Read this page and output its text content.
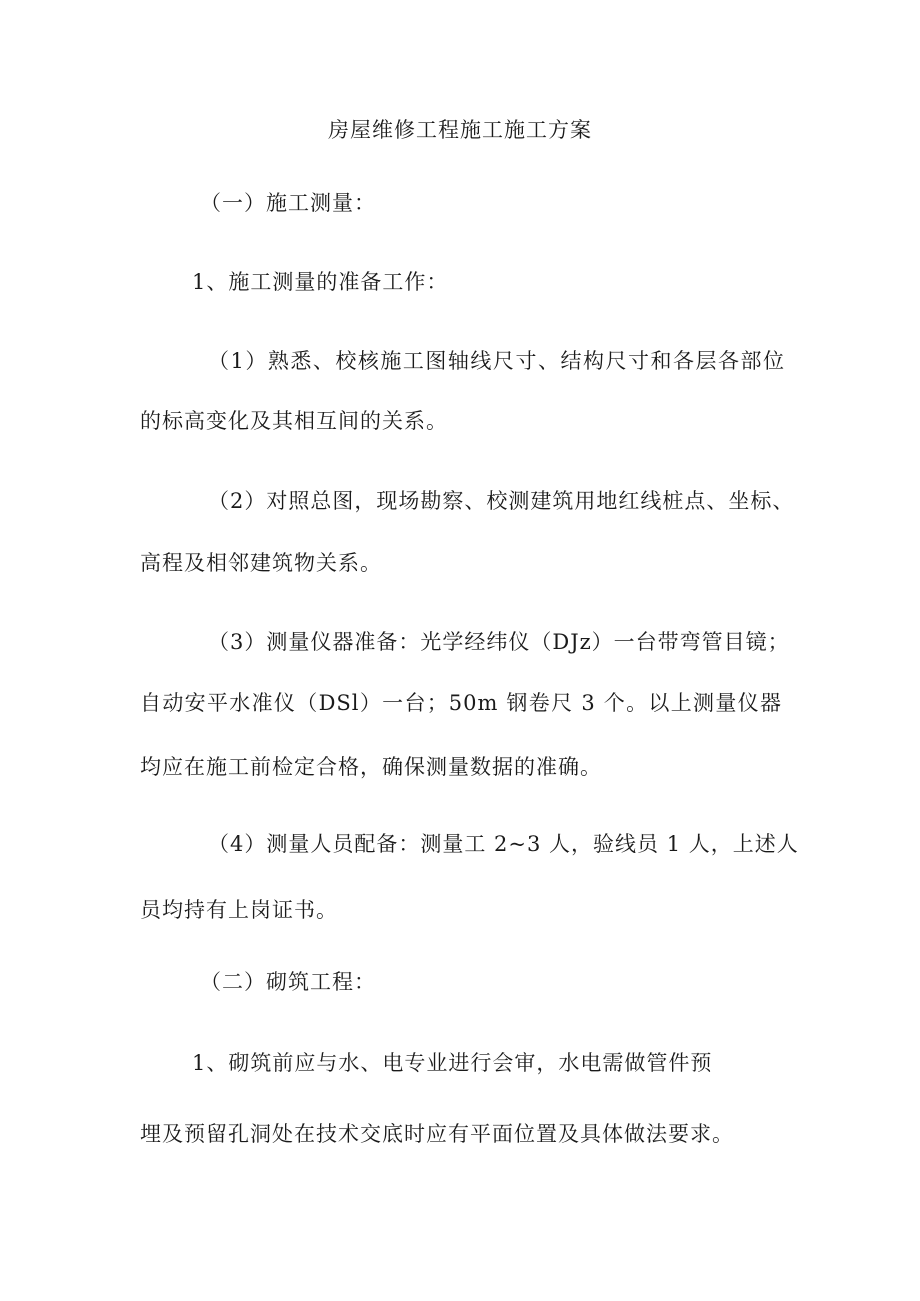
房屋维修工程施工施工方案
（一）施工测量：
1、施工测量的准备工作：
（1）熟悉、校核施工图轴线尺寸、结构尺寸和各层各部位
的标高变化及其相互间的关系。
（2）对照总图，现场勘察、校测建筑用地红线桩点、坐标、
高程及相邻建筑物关系。
（3）测量仪器准备：光学经纬仪（DJz）一台带弯管目镜；
自动安平水准仪（DSl）一台；50m 钢卷尺 3 个。以上测量仪器
均应在施工前检定合格，确保测量数据的准确。
（4）测量人员配备：测量工 2~3 人，验线员 1 人，上述人
员均持有上岗证书。
（二）砌筑工程：
1、砌筑前应与水、电专业进行会审，水电需做管件预
埋及预留孔洞处在技术交底时应有平面位置及具体做法要求。
